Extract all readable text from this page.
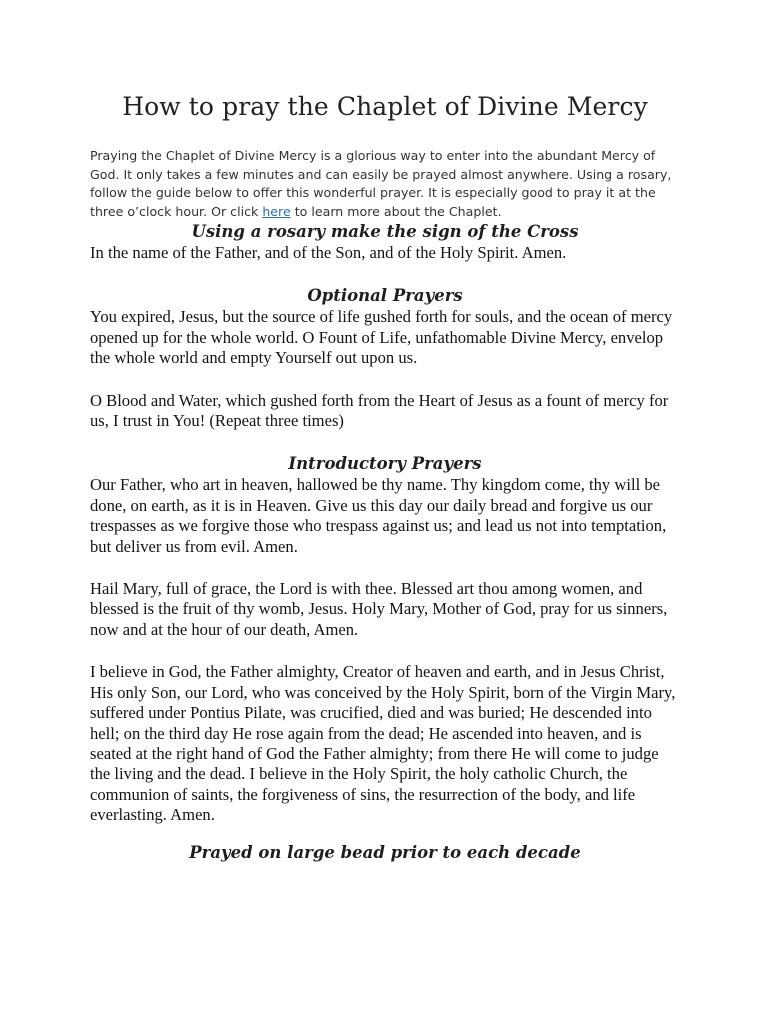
How to pray the Chaplet of Divine Mercy

Praying the Chaplet of Divine Mercy is a glorious way to enter into the abundant Mercy of God. It only takes a few minutes and can easily be prayed almost anywhere. Using a rosary, follow the guide below to offer this wonderful prayer. It is especially good to pray it at the three o’clock hour. Or click here to learn more about the Chaplet.

Using a rosary make the sign of the Cross

In the name of the Father, and of the Son, and of the Holy Spirit. Amen.

Optional Prayers

You expired, Jesus, but the source of life gushed forth for souls, and the ocean of mercy opened up for the whole world. O Fount of Life, unfathomable Divine Mercy, envelop the whole world and empty Yourself out upon us.

O Blood and Water, which gushed forth from the Heart of Jesus as a fount of mercy for us, I trust in You! (Repeat three times)

Introductory Prayers

Our Father, who art in heaven, hallowed be thy name. Thy kingdom come, thy will be done, on earth, as it is in Heaven. Give us this day our daily bread and forgive us our trespasses as we forgive those who trespass against us; and lead us not into temptation, but deliver us from evil. Amen.

Hail Mary, full of grace, the Lord is with thee. Blessed art thou among women, and blessed is the fruit of thy womb, Jesus. Holy Mary, Mother of God, pray for us sinners, now and at the hour of our death, Amen.

I believe in God, the Father almighty, Creator of heaven and earth, and in Jesus Christ, His only Son, our Lord, who was conceived by the Holy Spirit, born of the Virgin Mary, suffered under Pontius Pilate, was crucified, died and was buried; He descended into hell; on the third day He rose again from the dead; He ascended into heaven, and is seated at the right hand of God the Father almighty; from there He will come to judge the living and the dead. I believe in the Holy Spirit, the holy catholic Church, the communion of saints, the forgiveness of sins, the resurrection of the body, and life everlasting. Amen.

Prayed on large bead prior to each decade
